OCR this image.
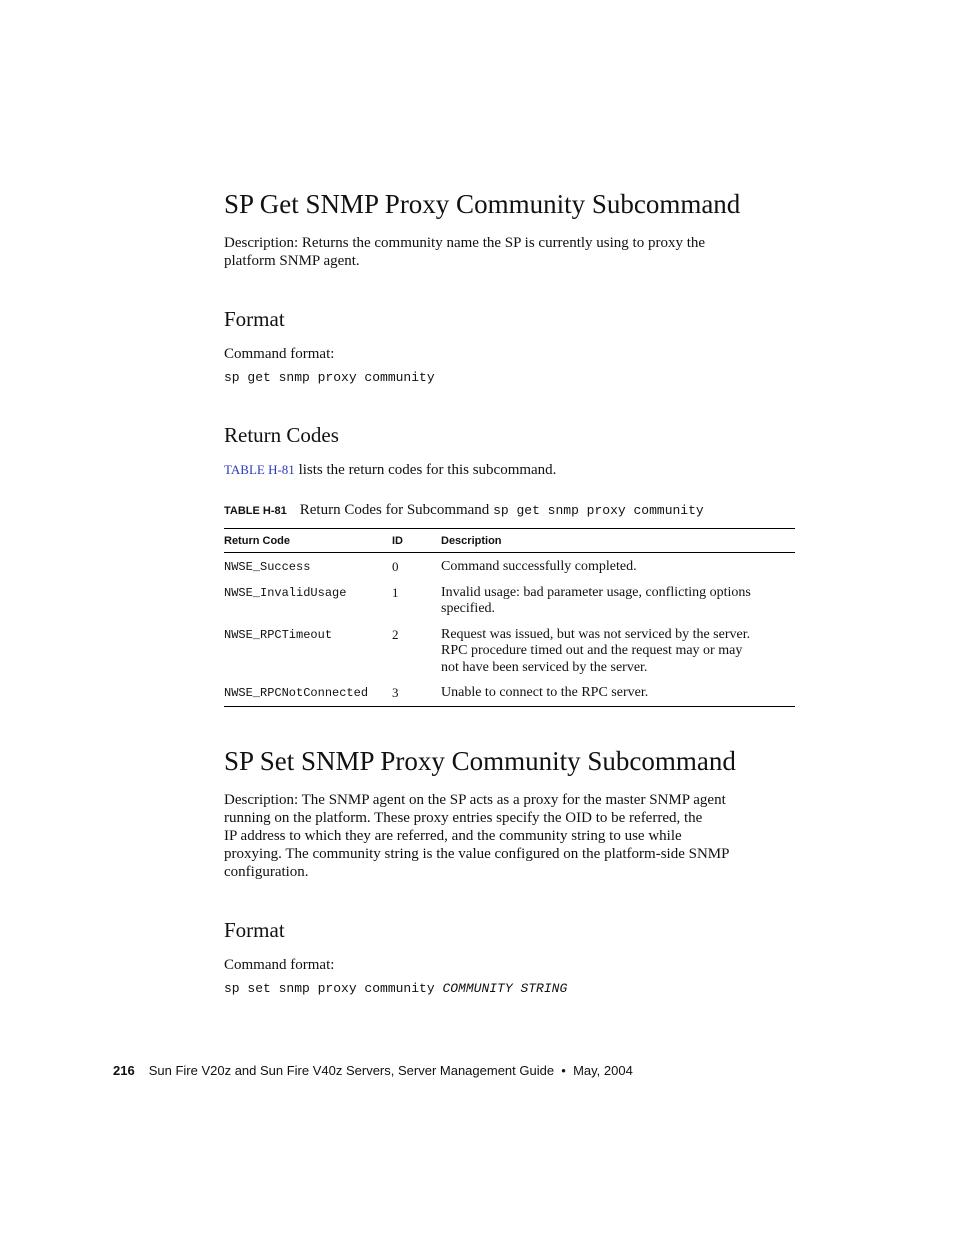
SP Get SNMP Proxy Community Subcommand

Description: Returns the community name the SP is currently using to proxy the

platform SNMP agent.

Format

Command format:

sp get snmp proxy community
Return Codes

TABLE H-81 lists the return codes for this subcommand.

TABLE H-81 Return Codes for Subcommand sp get snmp proxy community
Return Code	ID	Description
NWSE_Success	0	Command successfully completed.
NWSE_InvalidUsage	1	Invalid usage: bad parameter usage, conflicting options
specified.

NWSE_RPCTimeout	2	Request was issued, but was not serviced by the server.
RPC procedure timed out and the request may or may
not have been serviced by the server.

NWSE_RPCNotConnected	3	Unable to connect to the RPC server.
SP Set SNMP Proxy Community Subcommand

Description: The SNMP agent on the SP acts as a proxy for the master SNMP agent

running on the platform. These proxy entries specify the OID to be referred, the

IP address to which they are referred, and the community string to use while

proxying. The community string is the value configured on the platform-side SNMP

configuration.

Format

Command format:

sp set snmp proxy community COMMUNITY STRING
216 Sun Fire V20z and Sun Fire V40z Servers, Server Management Guide  •  May, 2004
